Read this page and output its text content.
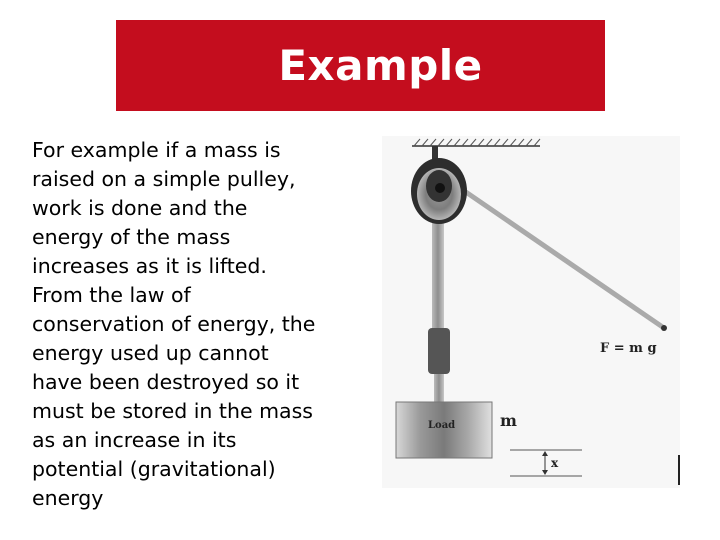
Example
For example if a mass is raised on a simple pulley, work is done and the energy of the mass increases as it is lifted. From the law of conservation of energy, the energy used up cannot have been destroyed so it must be stored in the mass as an increase in its potential (gravitational) energy
Load	m
x
F = m g
